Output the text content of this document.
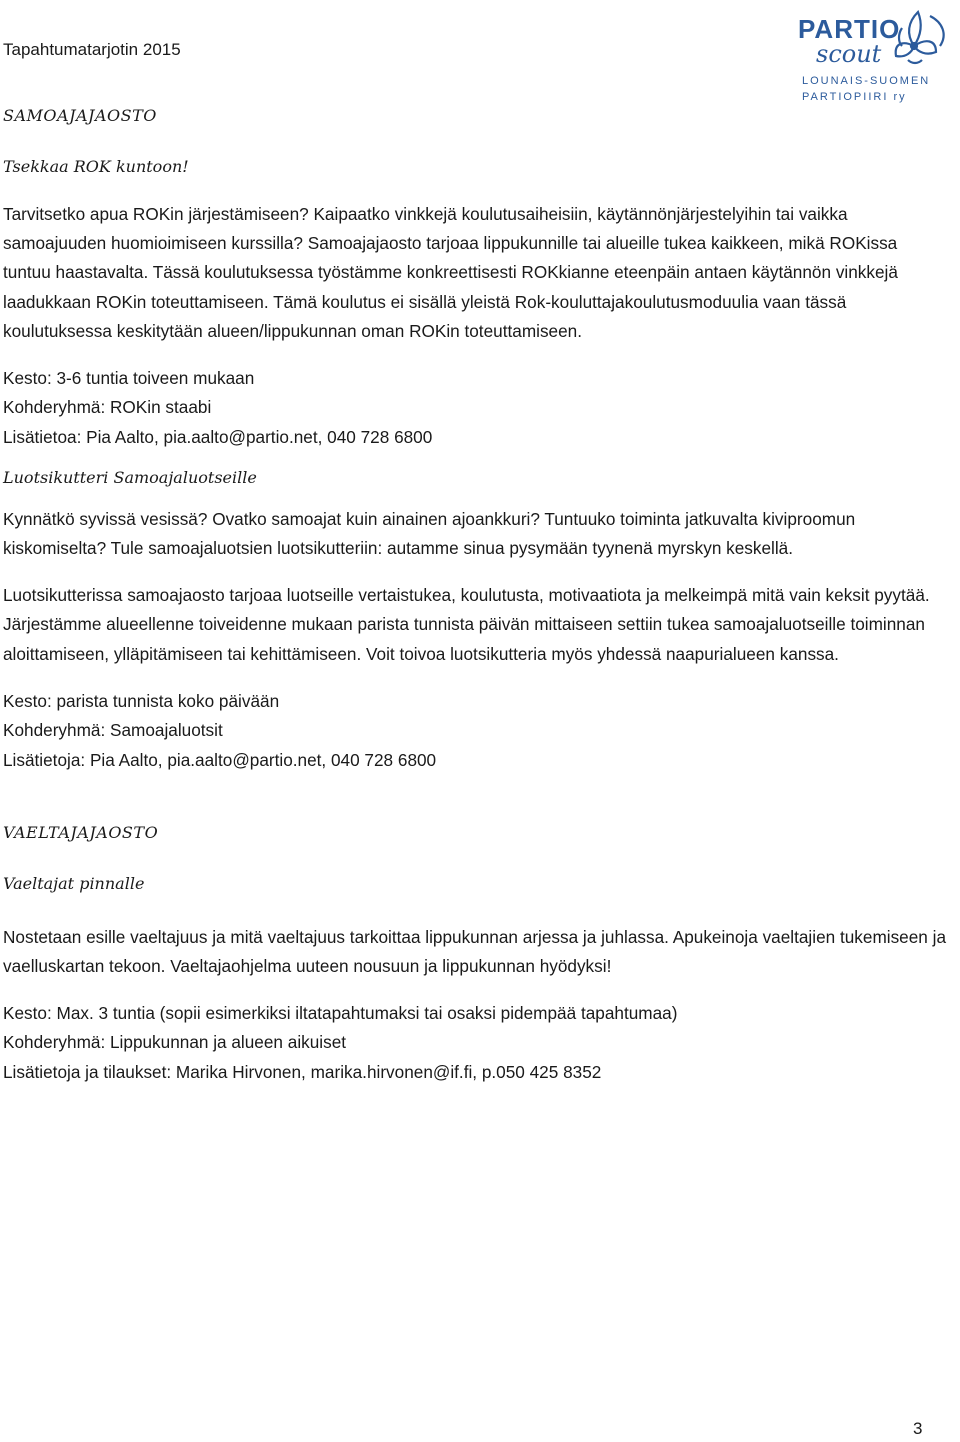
Tapahtumatarjotin 2015
PARTIO
scout
LOUNAIS-SUOMEN
PARTIOPIIRI ry
SAMOAJAJAOSTO
Tsekkaa ROK kuntoon!

Tarvitsetko apua ROKin järjestämiseen? Kaipaatko vinkkejä koulutusaiheisiin, käytännönjärjestelyihin tai vaikka samoajuuden huomioimiseen kurssilla? Samoajajaosto tarjoaa lippukunnille tai alueille tukea kaikkeen, mikä ROKissa tuntuu haastavalta. Tässä koulutuksessa työstämme konkreettisesti ROKkianne eteenpäin antaen käytännön vinkkejä laadukkaan ROKin toteuttamiseen. Tämä koulutus ei sisällä yleistä Rok-kouluttajakoulutusmoduulia vaan tässä koulutuksessa keskitytään alueen/lippukunnan oman ROKin toteuttamiseen.

Kesto: 3-6 tuntia toiveen mukaan
Kohderyhmä: ROKin staabi
Lisätietoa: Pia Aalto, pia.aalto@partio.net, 040 728 6800
Luotsikutteri Samoajaluotseille

Kynnätkö syvissä vesissä? Ovatko samoajat kuin ainainen ajoankkuri? Tuntuuko toiminta jatkuvalta kiviproomun kiskomiselta? Tule samoajaluotsien luotsikutteriin: autamme sinua pysymään tyynenä myrskyn keskellä.

Luotsikutterissa samoajaosto tarjoaa luotseille vertaistukea, koulutusta, motivaatiota ja melkeimpä mitä vain keksit pyytää. Järjestämme alueellenne toiveidenne mukaan parista tunnista päivän mittaiseen settiin tukea samoajaluotseille toiminnan aloittamiseen, ylläpitämiseen tai kehittämiseen. Voit toivoa luotsikutteria myös yhdessä naapurialueen kanssa.

Kesto: parista tunnista koko päivään
Kohderyhmä: Samoajaluotsit
Lisätietoja: Pia Aalto, pia.aalto@partio.net, 040 728 6800
VAELTAJAJAOSTO
Vaeltajat pinnalle

Nostetaan esille vaeltajuus ja mitä vaeltajuus tarkoittaa lippukunnan arjessa ja juhlassa. Apukeinoja vaeltajien tukemiseen ja vaelluskartan tekoon. Vaeltajaohjelma uuteen nousuun ja lippukunnan hyödyksi!

Kesto: Max. 3 tuntia (sopii esimerkiksi iltatapahtumaksi tai osaksi pidempää tapahtumaa)
Kohderyhmä: Lippukunnan ja alueen aikuiset
Lisätietoja ja tilaukset: Marika Hirvonen, marika.hirvonen@if.fi, p.050 425 8352
3
